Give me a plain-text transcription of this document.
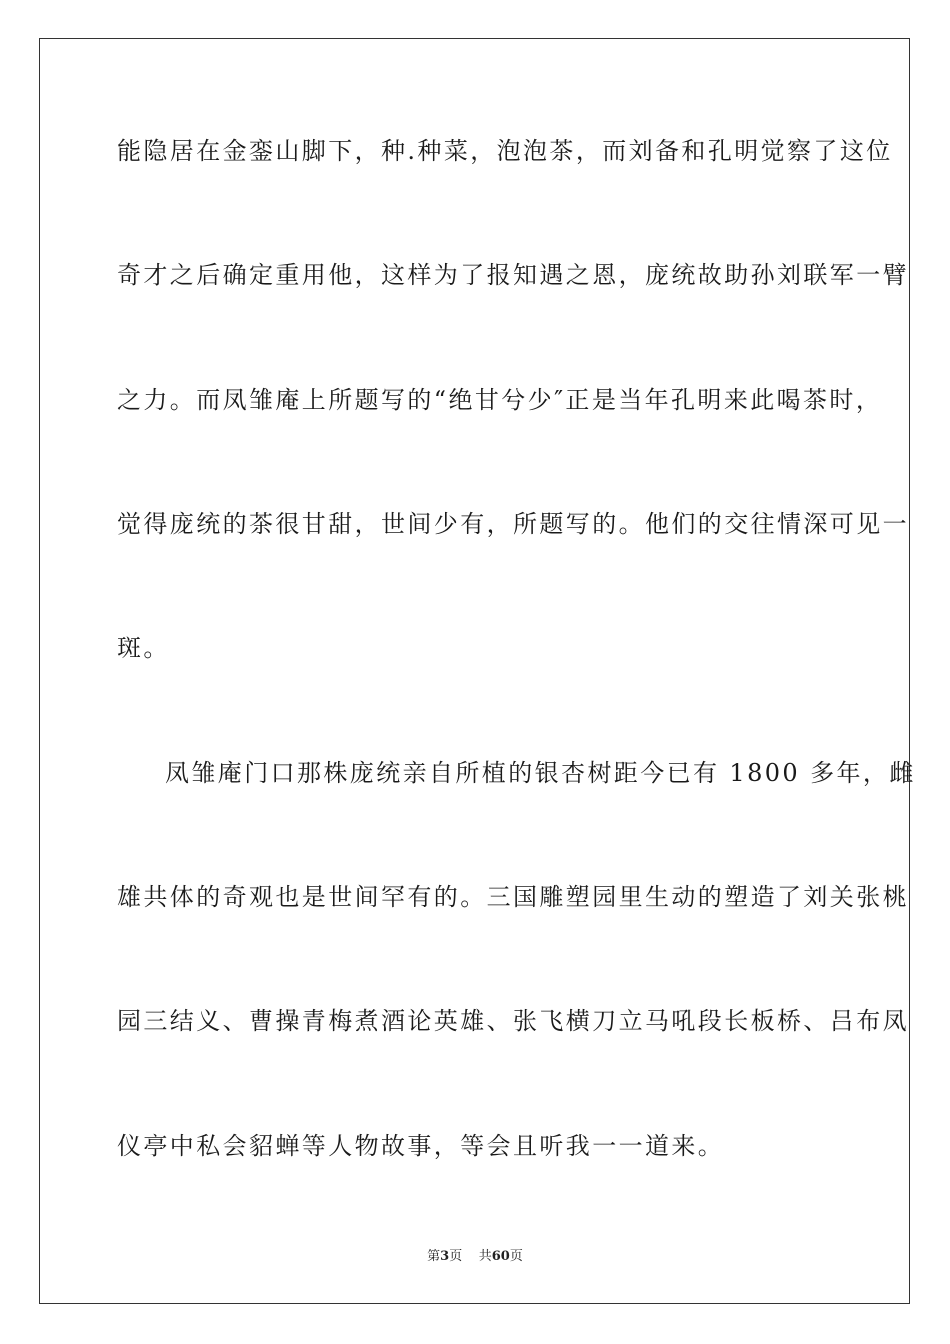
能隐居在金銮山脚下，种.种菜，泡泡茶，而刘备和孔明觉察了这位
奇才之后确定重用他，这样为了报知遇之恩，庞统故助孙刘联军一臂
之力。而凤雏庵上所题写的“绝甘兮少″正是当年孔明来此喝茶时，
觉得庞统的茶很甘甜，世间少有，所题写的。他们的交往情深可见一
斑。
凤雏庵门口那株庞统亲自所植的银杏树距今已有 1800 多年，雌
雄共体的奇观也是世间罕有的。三国雕塑园里生动的塑造了刘关张桃
园三结义、曹操青梅煮酒论英雄、张飞横刀立马吼段长板桥、吕布凤
仪亭中私会貂蝉等人物故事，等会且听我一一道来。
第3页 共60页
